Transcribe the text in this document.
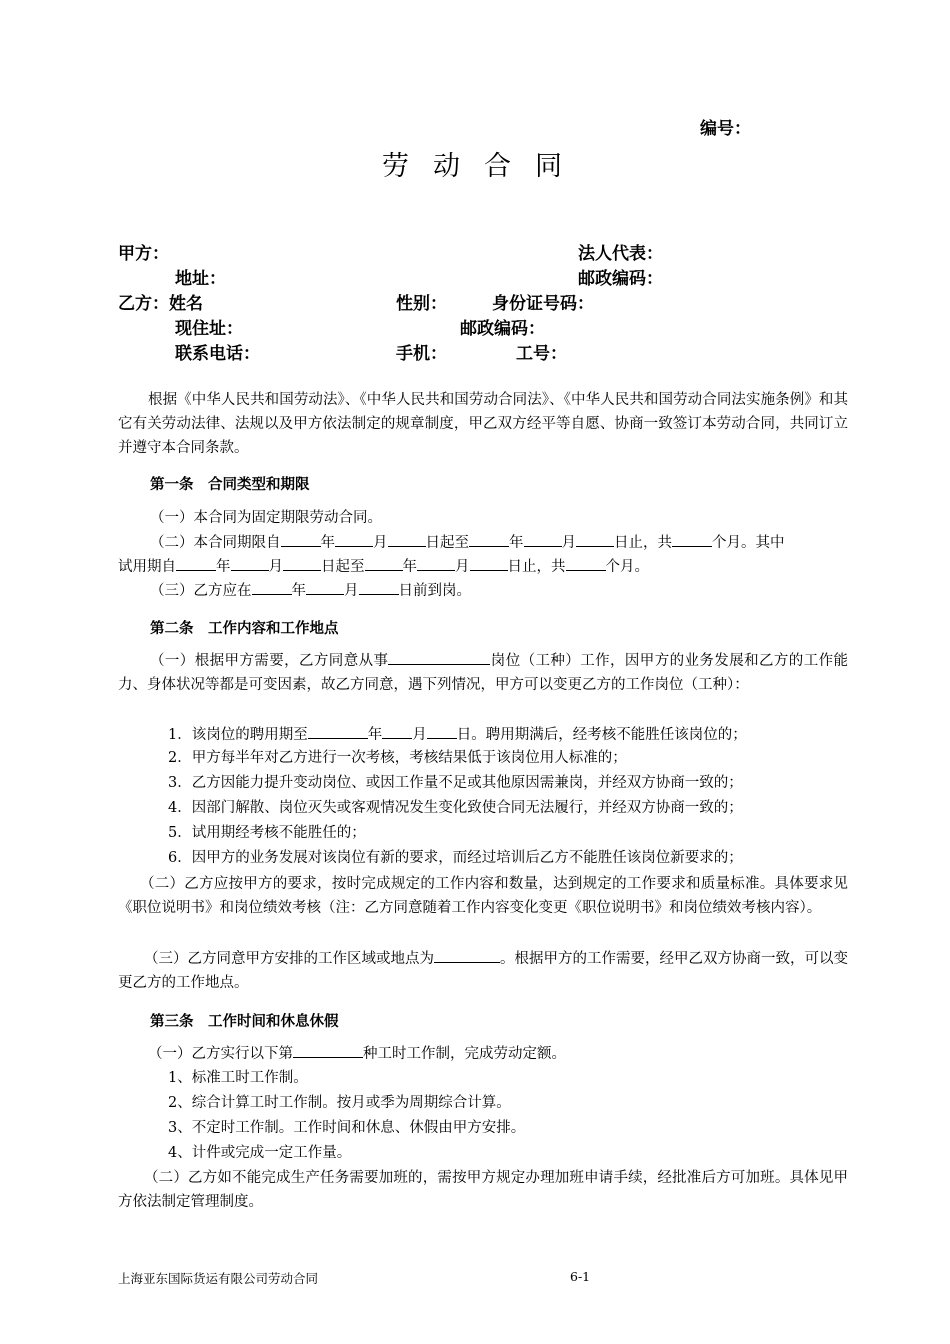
编号：
劳动合同
甲方：	法人代表：
地址：	邮政编码：
乙方：姓名	性别：	身份证号码：
现住址：	邮政编码：
联系电话：	手机：	工号：
根据《中华人民共和国劳动法》、《中华人民共和国劳动合同法》、《中华人民共和国劳动合同法实施条例》和其它有关劳动法律、法规以及甲方依法制定的规章制度，甲乙双方经平等自愿、协商一致签订本劳动合同，共同订立并遵守本合同条款。
第一条　合同类型和期限
（一）本合同为固定期限劳动合同。
（二）本合同期限自	年	月	日起至	年	月	日止，共	个月。其中
试用期自	年	月	日起至	年	月	日止，共	个月。
（三）乙方应在	年	月	日前到岗。
第二条　工作内容和工作地点
（一）根据甲方需要，乙方同意从事	岗位（工种）工作，因甲方的业务发展和乙方的工作能力、身体状况等都是可变因素，故乙方同意，遇下列情况，甲方可以变更乙方的工作岗位（工种）：
1．该岗位的聘用期至	年 月 日。聘用期满后，经考核不能胜任该岗位的；
2．甲方每半年对乙方进行一次考核，考核结果低于该岗位用人标准的；
3．乙方因能力提升变动岗位、或因工作量不足或其他原因需兼岗，并经双方协商一致的；
4．因部门解散、岗位灭失或客观情况发生变化致使合同无法履行，并经双方协商一致的；
5．试用期经考核不能胜任的；
6．因甲方的业务发展对该岗位有新的要求，而经过培训后乙方不能胜任该岗位新要求的；
（二）乙方应按甲方的要求，按时完成规定的工作内容和数量，达到规定的工作要求和质量标准。具体要求见《职位说明书》和岗位绩效考核（注：乙方同意随着工作内容变化变更《职位说明书》和岗位绩效考核内容）。
（三）乙方同意甲方安排的工作区域或地点为	。根据甲方的工作需要，经甲乙双方协商一致，可以变更乙方的工作地点。
第三条　工作时间和休息休假
（一）乙方实行以下第	种工时工作制，完成劳动定额。
1、标准工时工作制。
2、综合计算工时工作制。按月或季为周期综合计算。
3、不定时工作制。工作时间和休息、休假由甲方安排。
4、计件或完成一定工作量。
（二）乙方如不能完成生产任务需要加班的，需按甲方规定办理加班申请手续，经批准后方可加班。具体见甲方依法制定管理制度。
上海亚东国际货运有限公司劳动合同	6-1
